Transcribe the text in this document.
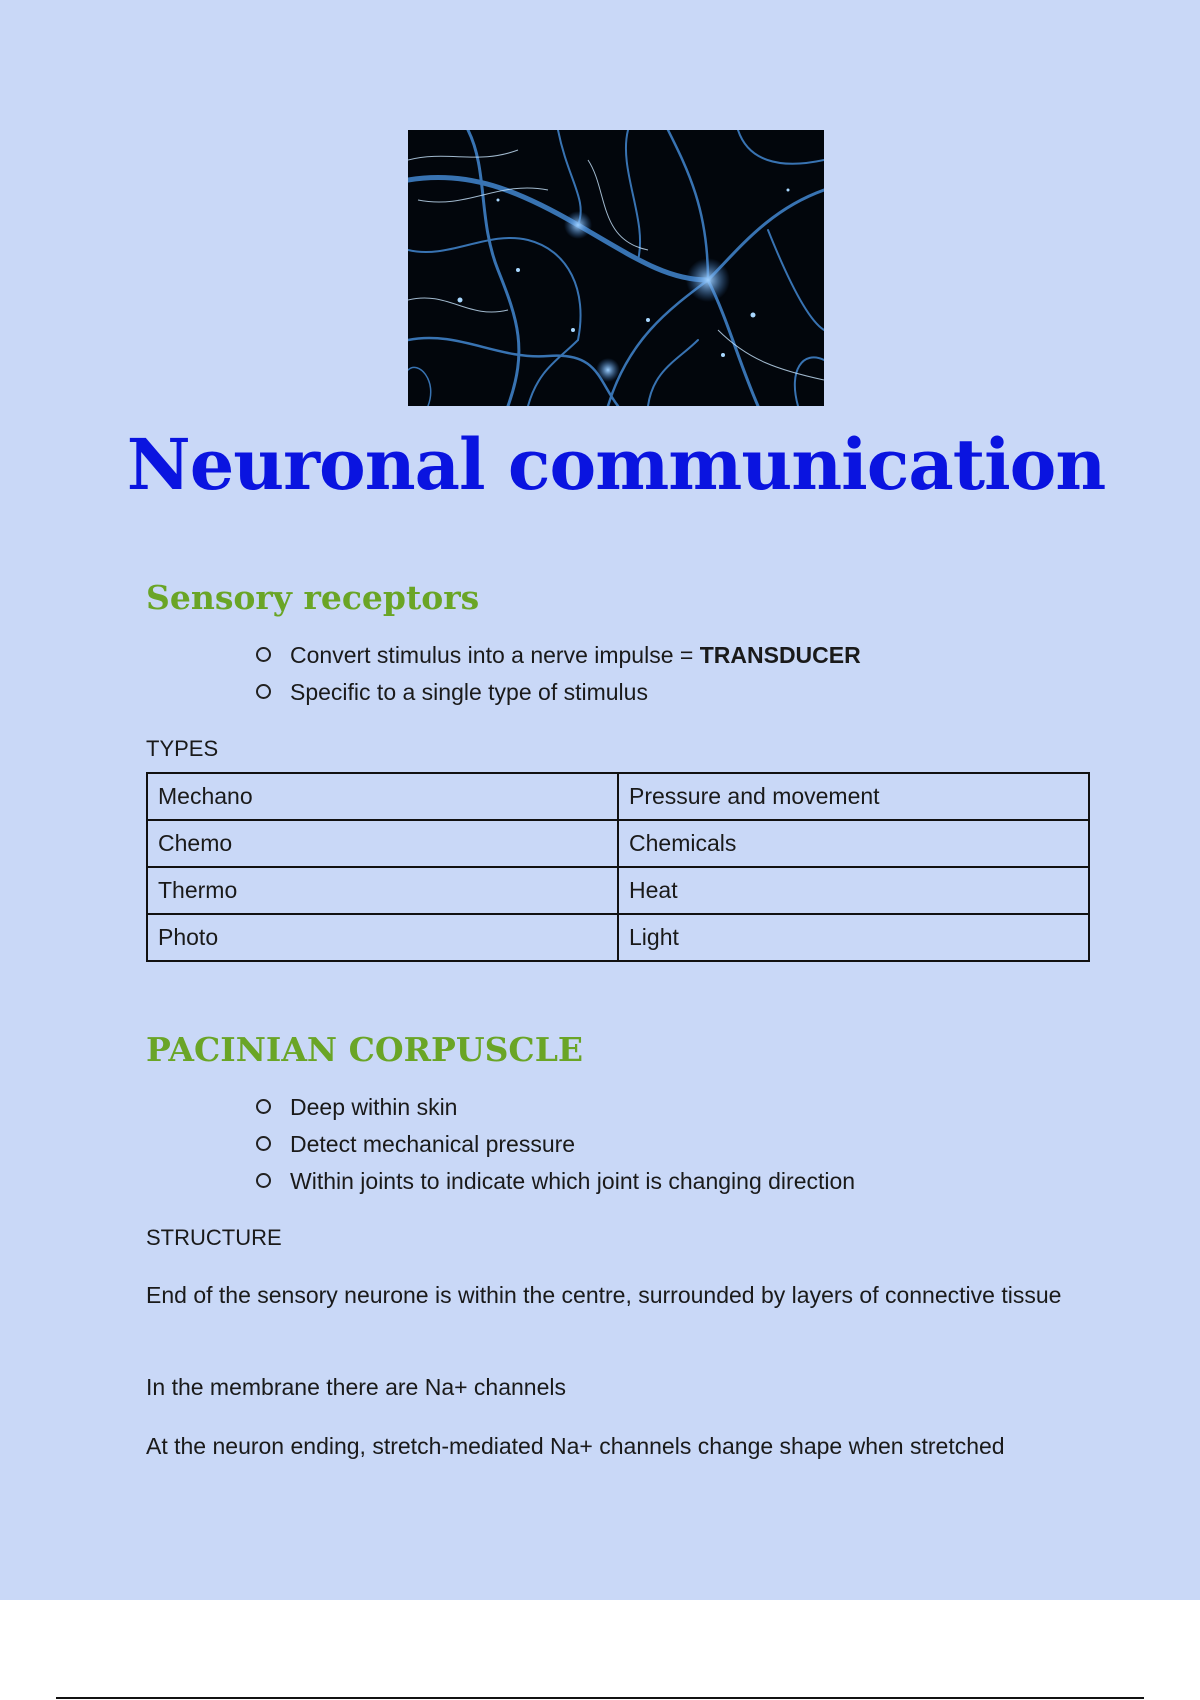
Neuronal communication
Sensory receptors
Convert stimulus into a nerve impulse = TRANSDUCER
Specific to a single type of stimulus

TYPES

Mechano	Pressure and movement
Chemo	Chemicals
Thermo	Heat
Photo	Light
PACINIAN CORPUSCLE
Deep within skin
Detect mechanical pressure
Within joints to indicate which joint is changing direction

STRUCTURE

End of the sensory neurone is within the centre, surrounded by layers of connective tissue

In the membrane there are Na+ channels

At the neuron ending, stretch-mediated Na+ channels change shape when stretched
